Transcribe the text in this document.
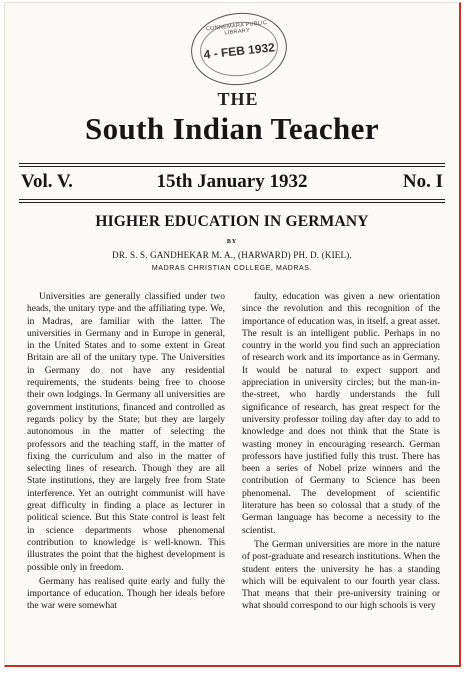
CONNEMARA PUBLIC LIBRARY
4 - FEB 1932
THE
South Indian Teacher
Vol. V.	15th January 1932	No. I
HIGHER EDUCATION IN GERMANY
BY
DR. S. S. GANDHEKAR M. A., (HARWARD) PH. D. (KIEL).
MADRAS CHRISTIAN COLLEGE, MADRAS.

Universities are generally classified under two heads, the unitary type and the affiliating type. We, in Madras, are familiar with the latter. The universities in Germany and in Europe in general, in the United States and to some extent in Great Britain are all of the unitary type. The Universities in Germany do not have any residential requirements, the students being free to choose their own lodgings. In Germany all universities are government institutions, financed and controlled as regards policy by the State; but they are largely autonomous in the matter of selecting the professors and the teaching staff, in the matter of fixing the curriculum and also in the matter of selecting lines of research. Though they are all State institutions, they are largely free from State interference. Yet an outright communist will have great difficulty in finding a place as lecturer in political science. But this State control is least felt in science departments whose phenomenal contribution to knowledge is well-known. This illustrates the point that the highest development is possible only in freedom.

Germany has realised quite early and fully the importance of education. Though her ideals before the war were somewhat

faulty, education was given a new orientation since the revolution and this recognition of the importance of education was, in itself, a great asset. The result is an intelligent public. Perhaps in no country in the world you find such an appreciation of research work and its importance as in Germany. It would be natural to expect support and appreciation in university circles; but the man-in-the-street, who hardly understands the full significance of research, has great respect for the university professor toiling day after day to add to knowledge and does not think that the State is wasting money in encouraging research. German professors have justified fully this trust. There has been a series of Nobel prize winners and the contribution of Germany to Science has been phenomenal. The development of scientific literature has been so colossal that a study of the German language has become a necessity to the scientist.

The German universities are more in the nature of post-graduate and research institutions. When the student enters the university he has a standing which will be equivalent to our fourth year class. That means that their pre-university training or what should correspond to our high schools is very
